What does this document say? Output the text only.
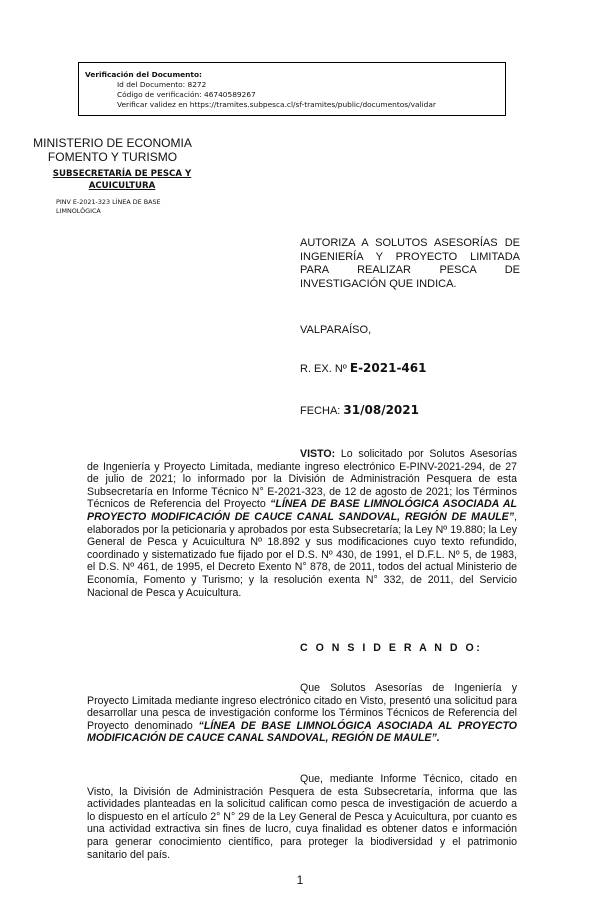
Verificación del Documento:
• Id del Documento: 8272
• Código de verificación: 46740589267
• Verificar validez en https://tramites.subpesca.cl/sf-tramites/public/documentos/validar
MINISTERIO DE ECONOMIA
FOMENTO Y TURISMO
SUBSECRETARÍA DE PESCA Y ACUICULTURA
PINV E-2021-323 LÍNEA DE BASE LIMNOLÓGICA
AUTORIZA A SOLUTOS ASESORÍAS DE
INGENIERÍA Y PROYECTO LIMITADA
PARA REALIZAR PESCA DE
INVESTIGACIÓN QUE INDICA.
VALPARAÍSO,
R. EX. Nº E-2021-461
FECHA: 31/08/2021
VISTO: Lo solicitado por Solutos Asesorías de Ingeniería y Proyecto Limitada, mediante ingreso electrónico E-PINV-2021-294, de 27 de julio de 2021; lo informado por la División de Administración Pesquera de esta Subsecretaría en Informe Técnico N° E-2021-323, de 12 de agosto de 2021; los Términos Técnicos de Referencia del Proyecto “LÍNEA DE BASE LIMNOLÓGICA ASOCIADA AL PROYECTO MODIFICACIÓN DE CAUCE CANAL SANDOVAL, REGIÓN DE MAULE”, elaborados por la peticionaria y aprobados por esta Subsecretaría; la Ley Nº 19.880; la Ley General de Pesca y Acuicultura Nº 18.892 y sus modificaciones cuyo texto refundido, coordinado y sistematizado fue fijado por el D.S. Nº 430, de 1991, el D.F.L. Nº 5, de 1983, el D.S. Nº 461, de 1995, el Decreto Exento N° 878, de 2011, todos del actual Ministerio de Economía, Fomento y Turismo; y la resolución exenta N° 332, de 2011, del Servicio Nacional de Pesca y Acuicultura.
C O N S I D E R A N D O:
Que Solutos Asesorías de Ingeniería y Proyecto Limitada mediante ingreso electrónico citado en Visto, presentó una solicitud para desarrollar una pesca de investigación conforme los Términos Técnicos de Referencia del Proyecto denominado “LÍNEA DE BASE LIMNOLÓGICA ASOCIADA AL PROYECTO MODIFICACIÓN DE CAUCE CANAL SANDOVAL, REGIÓN DE MAULE”.
Que, mediante Informe Técnico, citado en Visto, la División de Administración Pesquera de esta Subsecretaría, informa que las actividades planteadas en la solicitud califican como pesca de investigación de acuerdo a lo dispuesto en el artículo 2° N° 29 de la Ley General de Pesca y Acuicultura, por cuanto es una actividad extractiva sin fines de lucro, cuya finalidad es obtener datos e información para generar conocimiento científico, para proteger la biodiversidad y el patrimonio sanitario del país.
1
